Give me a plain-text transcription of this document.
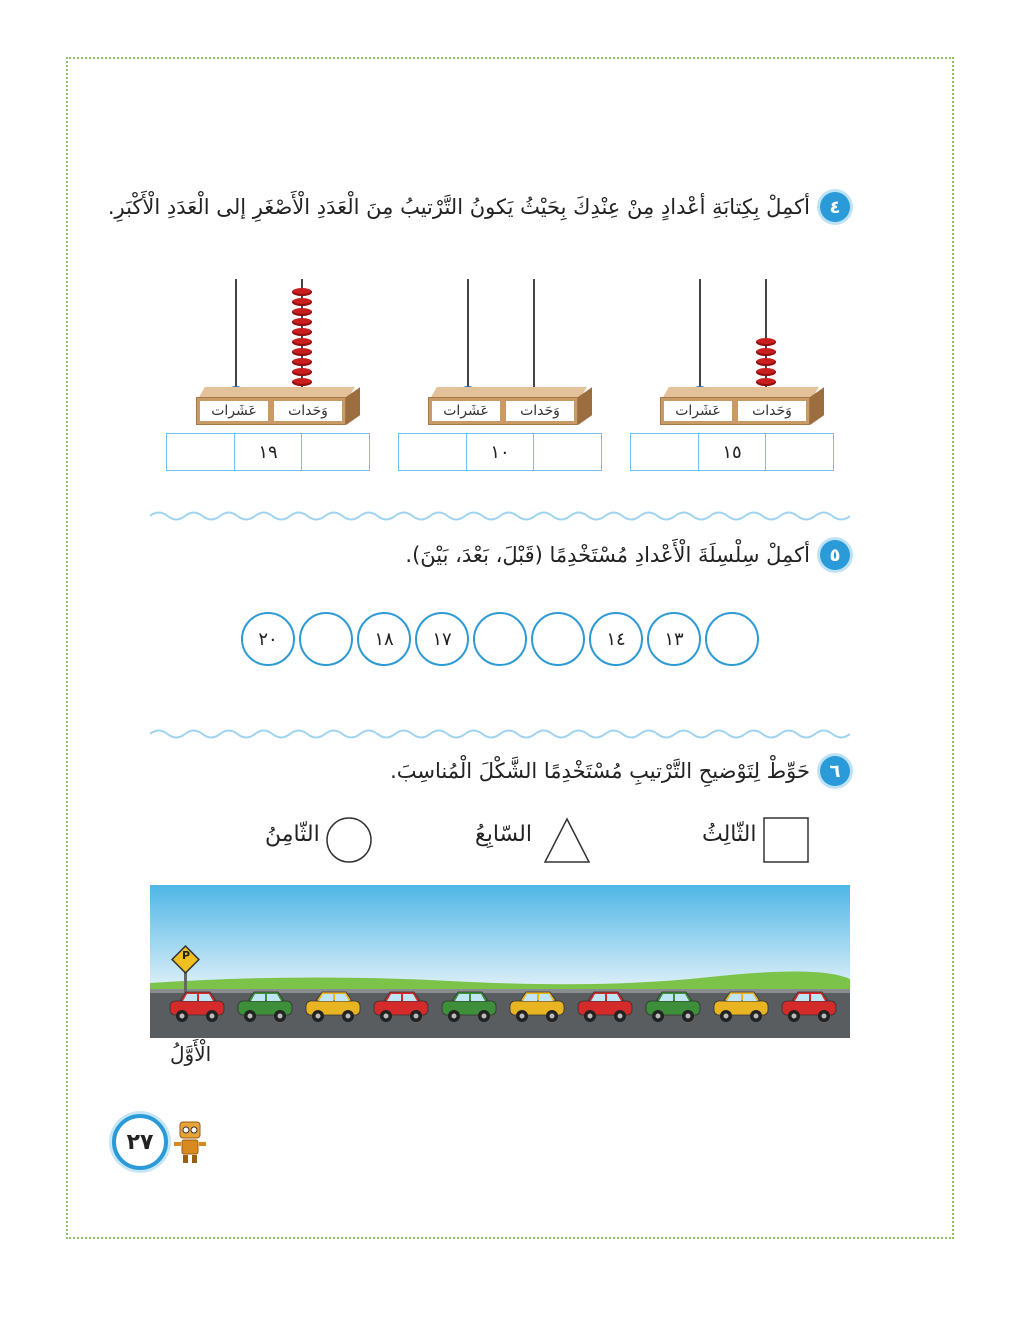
٤
أكمِلْ بِكِتابَةِ أعْدادٍ مِنْ عِنْدِكَ بِحَيْثُ يَكونُ التَّرْتيبُ مِنَ الْعَدَدِ الْأَصْغَرِ إلى الْعَدَدِ الْأَكْبَرِ.
وَحَدات
عَشَرات
١٥
وَحَدات
عَشَرات
١٠
وَحَدات
عَشَرات
١٩
٥
أكمِلْ سِلْسِلَةَ الْأَعْدادِ مُسْتَخْدِمًا (قَبْلَ، بَعْدَ، بَيْنَ).
١٣
١٤
١٧
١٨
٢٠
٦
حَوِّطْ لِتَوْضيحِ التَّرْتيبِ مُسْتَخْدِمًا الشَّكْلَ الْمُناسِبَ.
الثّالِثُ
السّابِعُ
الثّامِنُ
P
الْأَوَّلُ
٢٧
